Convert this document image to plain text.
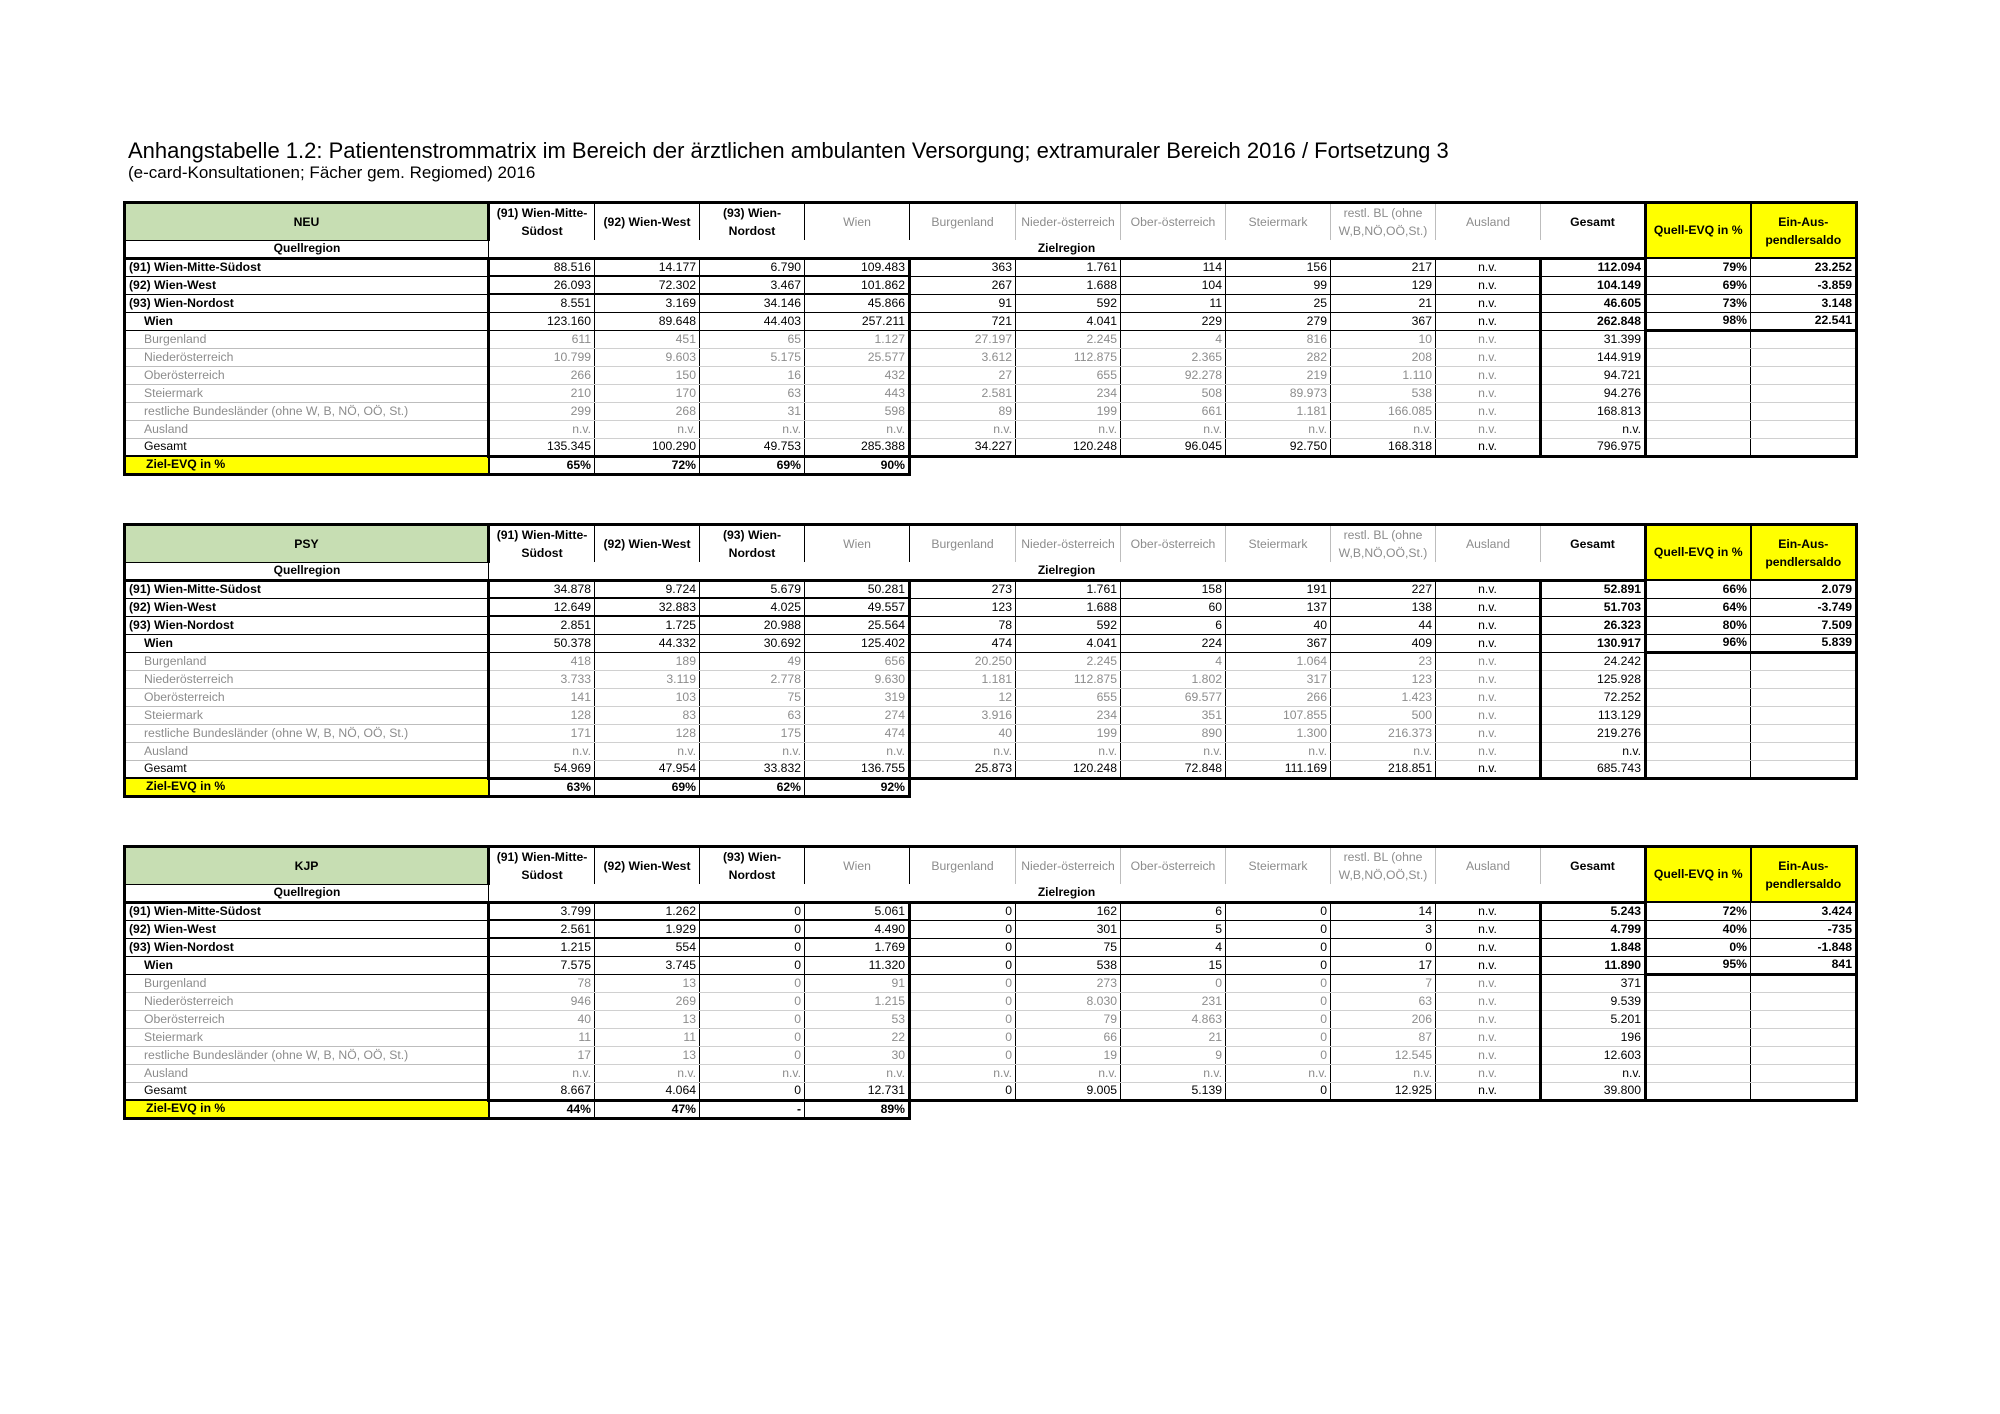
Anhangstabelle 1.2: Patientenstrommatrix im Bereich der ärztlichen ambulanten Versorgung; extramuraler Bereich 2016 / Fortsetzung 3
(e-card-Konsultationen; Fächer gem. Regiomed) 2016
NEU	(91) Wien-Mitte-Südost	(92) Wien-West	(93) Wien-Nordost	Wien	Burgenland	Nieder-österreich	Ober-österreich	Steiermark	restl. BL (ohne W,B,NÖ,OÖ,St.)	Ausland	Gesamt	Quell-EVQ in %	Ein-Aus-pendlersaldo
Quellregion	Zielregion												
(91) Wien-Mitte-Südost	88.516	14.177	6.790	109.483	363	1.761	114	156	217	n.v.	112.094	79%	23.252
(92) Wien-West	26.093	72.302	3.467	101.862	267	1.688	104	99	129	n.v.	104.149	69%	-3.859
(93) Wien-Nordost	8.551	3.169	34.146	45.866	91	592	11	25	21	n.v.	46.605	73%	3.148
Wien	123.160	89.648	44.403	257.211	721	4.041	229	279	367	n.v.	262.848	98%	22.541
Burgenland	611	451	65	1.127	27.197	2.245	4	816	10	n.v.	31.399		
Niederösterreich	10.799	9.603	5.175	25.577	3.612	112.875	2.365	282	208	n.v.	144.919		
Oberösterreich	266	150	16	432	27	655	92.278	219	1.110	n.v.	94.721		
Steiermark	210	170	63	443	2.581	234	508	89.973	538	n.v.	94.276		
restliche Bundesländer (ohne W, B, NÖ, OÖ, St.)	299	268	31	598	89	199	661	1.181	166.085	n.v.	168.813		
Ausland	n.v.	n.v.	n.v.	n.v.	n.v.	n.v.	n.v.	n.v.	n.v.	n.v.	n.v.		
Gesamt	135.345	100.290	49.753	285.388	34.227	120.248	96.045	92.750	168.318	n.v.	796.975		
Ziel-EVQ in %	65%	72%	69%	90%									
PSY	(91) Wien-Mitte-Südost	(92) Wien-West	(93) Wien-Nordost	Wien	Burgenland	Nieder-österreich	Ober-österreich	Steiermark	restl. BL (ohne W,B,NÖ,OÖ,St.)	Ausland	Gesamt	Quell-EVQ in %	Ein-Aus-pendlersaldo
Quellregion	Zielregion												
(91) Wien-Mitte-Südost	34.878	9.724	5.679	50.281	273	1.761	158	191	227	n.v.	52.891	66%	2.079
(92) Wien-West	12.649	32.883	4.025	49.557	123	1.688	60	137	138	n.v.	51.703	64%	-3.749
(93) Wien-Nordost	2.851	1.725	20.988	25.564	78	592	6	40	44	n.v.	26.323	80%	7.509
Wien	50.378	44.332	30.692	125.402	474	4.041	224	367	409	n.v.	130.917	96%	5.839
Burgenland	418	189	49	656	20.250	2.245	4	1.064	23	n.v.	24.242		
Niederösterreich	3.733	3.119	2.778	9.630	1.181	112.875	1.802	317	123	n.v.	125.928		
Oberösterreich	141	103	75	319	12	655	69.577	266	1.423	n.v.	72.252		
Steiermark	128	83	63	274	3.916	234	351	107.855	500	n.v.	113.129		
restliche Bundesländer (ohne W, B, NÖ, OÖ, St.)	171	128	175	474	40	199	890	1.300	216.373	n.v.	219.276		
Ausland	n.v.	n.v.	n.v.	n.v.	n.v.	n.v.	n.v.	n.v.	n.v.	n.v.	n.v.		
Gesamt	54.969	47.954	33.832	136.755	25.873	120.248	72.848	111.169	218.851	n.v.	685.743		
Ziel-EVQ in %	63%	69%	62%	92%									
KJP	(91) Wien-Mitte-Südost	(92) Wien-West	(93) Wien-Nordost	Wien	Burgenland	Nieder-österreich	Ober-österreich	Steiermark	restl. BL (ohne W,B,NÖ,OÖ,St.)	Ausland	Gesamt	Quell-EVQ in %	Ein-Aus-pendlersaldo
Quellregion	Zielregion												
(91) Wien-Mitte-Südost	3.799	1.262	0	5.061	0	162	6	0	14	n.v.	5.243	72%	3.424
(92) Wien-West	2.561	1.929	0	4.490	0	301	5	0	3	n.v.	4.799	40%	-735
(93) Wien-Nordost	1.215	554	0	1.769	0	75	4	0	0	n.v.	1.848	0%	-1.848
Wien	7.575	3.745	0	11.320	0	538	15	0	17	n.v.	11.890	95%	841
Burgenland	78	13	0	91	0	273	0	0	7	n.v.	371		
Niederösterreich	946	269	0	1.215	0	8.030	231	0	63	n.v.	9.539		
Oberösterreich	40	13	0	53	0	79	4.863	0	206	n.v.	5.201		
Steiermark	11	11	0	22	0	66	21	0	87	n.v.	196		
restliche Bundesländer (ohne W, B, NÖ, OÖ, St.)	17	13	0	30	0	19	9	0	12.545	n.v.	12.603		
Ausland	n.v.	n.v.	n.v.	n.v.	n.v.	n.v.	n.v.	n.v.	n.v.	n.v.	n.v.		
Gesamt	8.667	4.064	0	12.731	0	9.005	5.139	0	12.925	n.v.	39.800		
Ziel-EVQ in %	44%	47%	-	89%									
